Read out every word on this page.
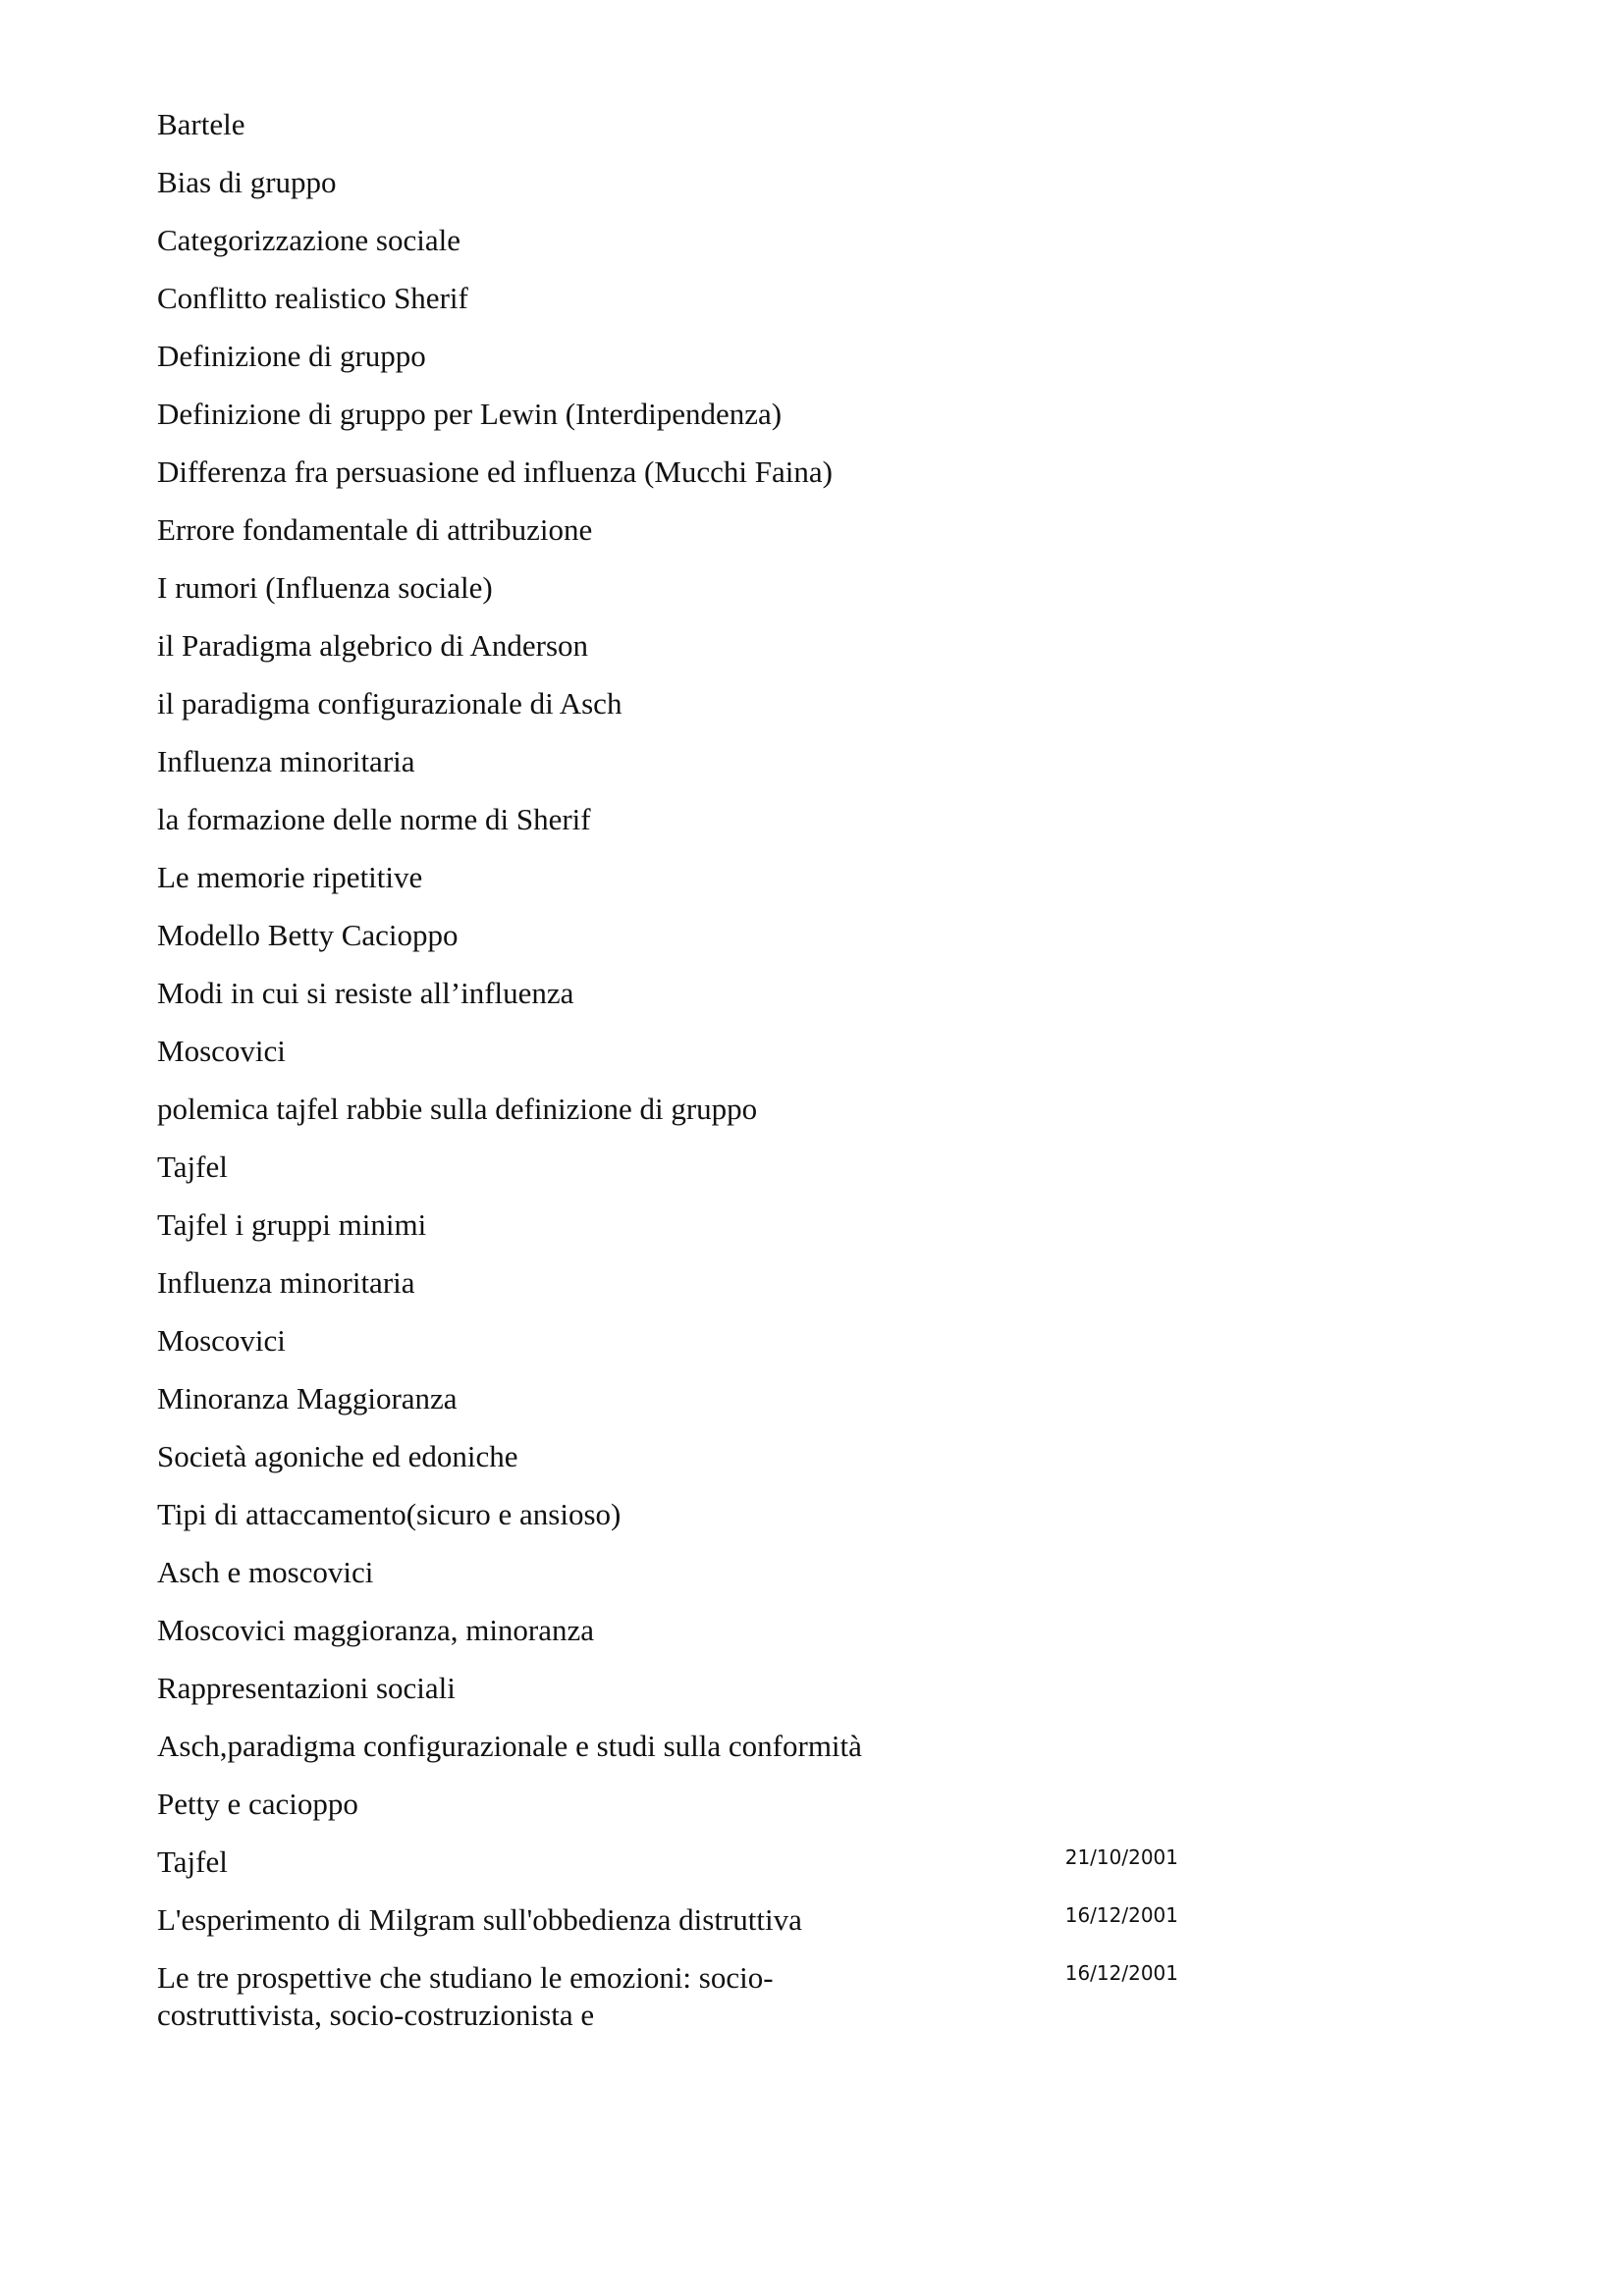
Bartele

Bias di gruppo

Categorizzazione sociale

Conflitto realistico Sherif

Definizione di gruppo

Definizione di gruppo per Lewin (Interdipendenza)

Differenza fra persuasione ed influenza (Mucchi Faina)

Errore fondamentale di attribuzione

I rumori (Influenza sociale)

il Paradigma algebrico di Anderson

il paradigma configurazionale di Asch

Influenza minoritaria

la formazione delle norme di Sherif

Le memorie ripetitive

Modello Betty Cacioppo

Modi in cui si resiste all’influenza

Moscovici

polemica tajfel rabbie sulla definizione di gruppo

Tajfel

Tajfel i gruppi minimi

Influenza minoritaria

Moscovici

Minoranza Maggioranza

Società agoniche ed edoniche

Tipi di attaccamento(sicuro e ansioso)

Asch e moscovici

Moscovici maggioranza, minoranza

Rappresentazioni sociali

Asch,paradigma configurazionale e studi sulla conformità

Petty e cacioppo

Tajfel	21/10/2001

L'esperimento di Milgram sull'obbedienza distruttiva	16/12/2001

Le tre prospettive che studiano le emozioni: socio-costruttivista, socio-costruzionista e

16/12/2001
